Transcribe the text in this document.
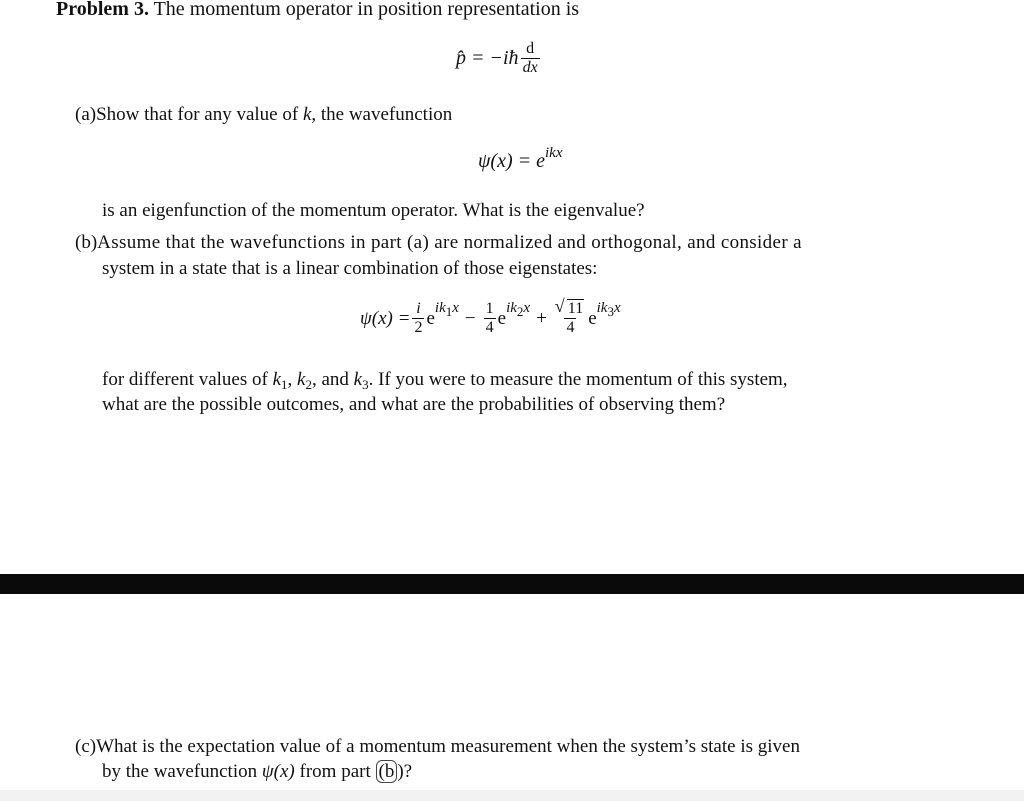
Problem 3. The momentum operator in position representation is
p̂ = −iħ $\frac{d}{dx}$
(a)Show that for any value of k, the wavefunction
$\psi(x) = e^{ikx}$
is an eigenfunction of the momentum operator. What is the eigenvalue?
(b)Assume that the wavefunctions in part (a) are normalized and orthogonal, and consider a
system in a state that is a linear combination of those eigenstates:
$\psi(x) = \frac{i}{2}$ e $ik1x - \frac{1}{4}$ e ik2x +
√ $\frac{11}{4}$ e ik3x
for different values of $k_1$, $k_2$, and $k_3$. If you were to measure the momentum of this system,
what are the possible outcomes, and what are the probabilities of observing them?
(c)What is the expectation value of a momentum measurement when the system’s state is given
by the wavefunction ψ(x) from part (b )?
